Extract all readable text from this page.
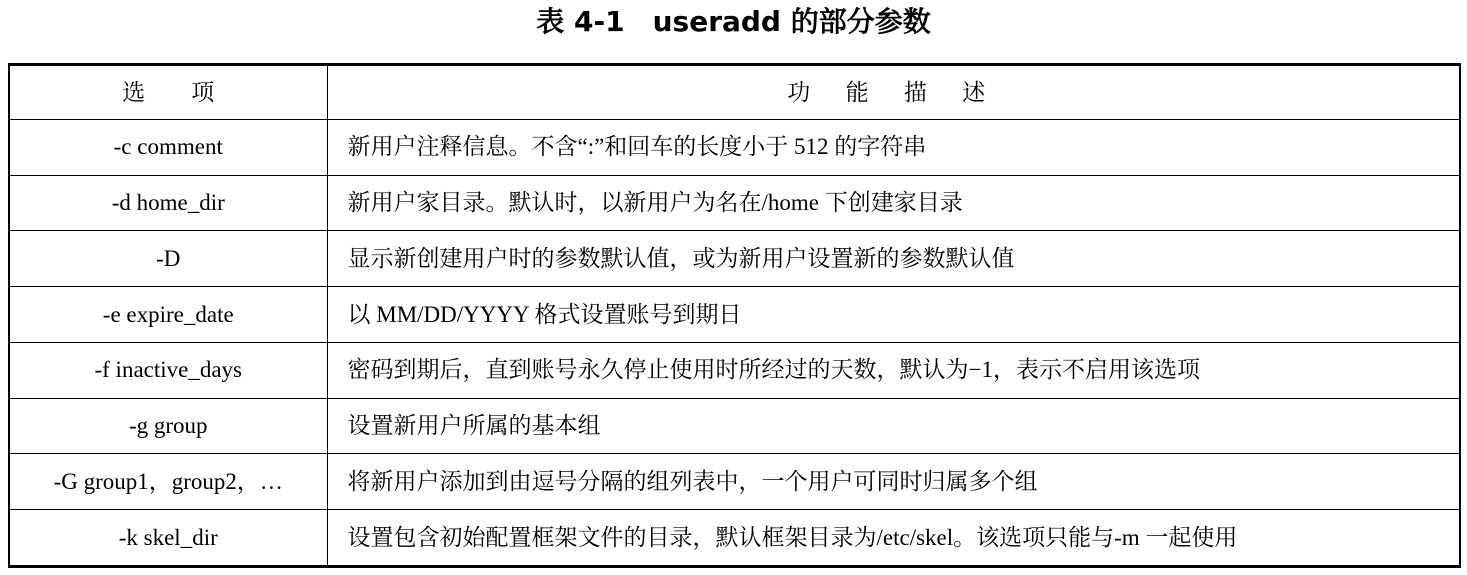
表 4-1　useradd 的部分参数
选　　项	功 能 描 述
-c comment	新用户注释信息。不含“:”和回车的长度小于 512 的字符串
-d home_dir	新用户家目录。默认时，以新用户为名在/home 下创建家目录
-D	显示新创建用户时的参数默认值，或为新用户设置新的参数默认值
-e expire_date	以 MM/DD/YYYY 格式设置账号到期日
-f inactive_days	密码到期后，直到账号永久停止使用时所经过的天数，默认为−1，表示不启用该选项
-g group	设置新用户所属的基本组
-G group1，group2，…	将新用户添加到由逗号分隔的组列表中，一个用户可同时归属多个组
-k skel_dir	设置包含初始配置框架文件的目录，默认框架目录为/etc/skel。该选项只能与-m 一起使用
